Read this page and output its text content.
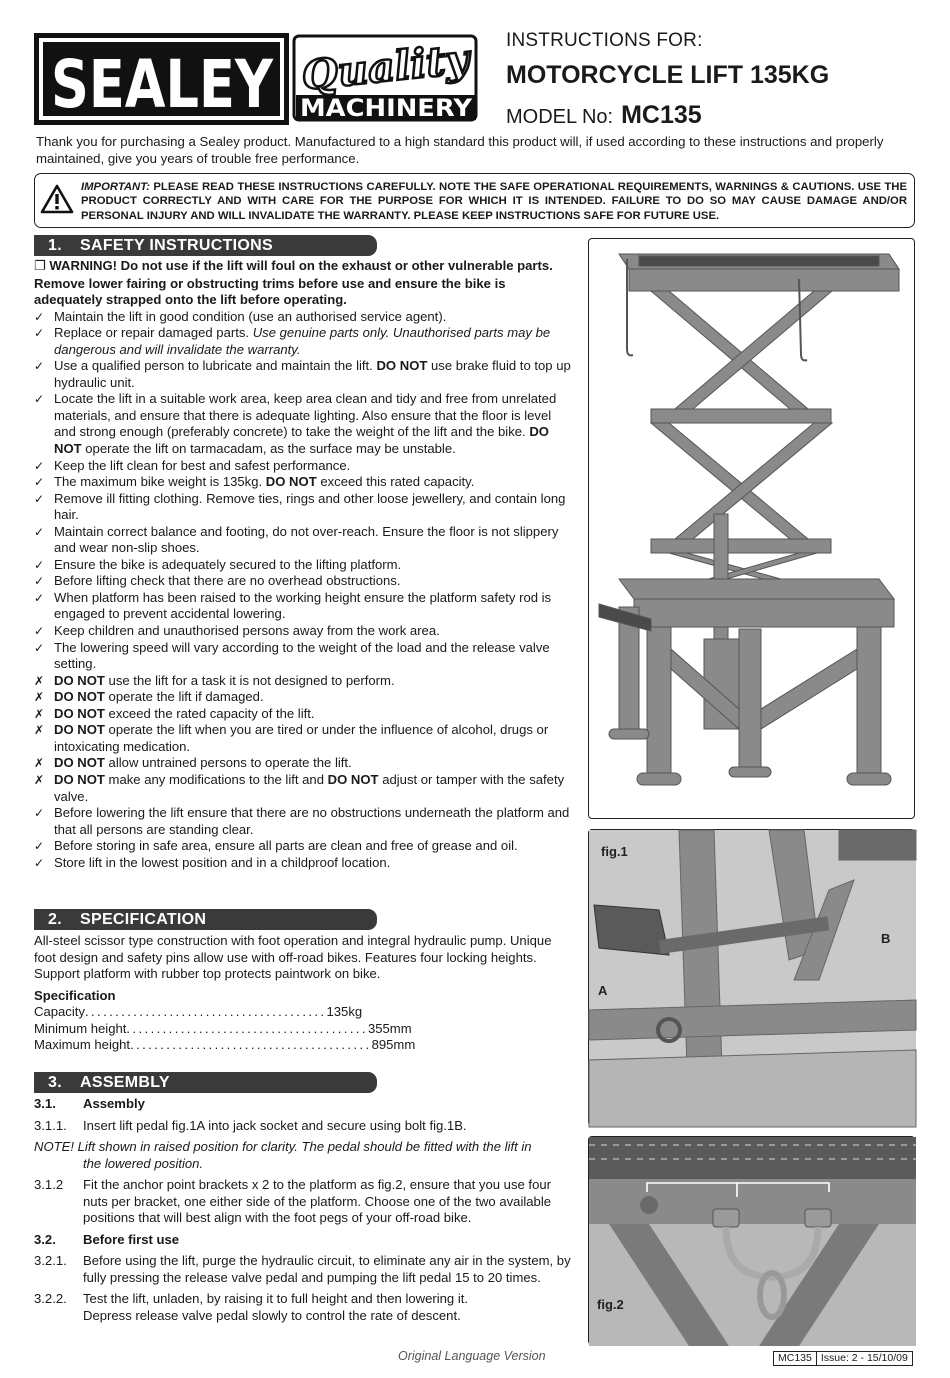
SEALEY Quality
MACHINERY
INSTRUCTIONS FOR:
MOTORCYCLE LIFT 135KG
MODEL No: MC135
Thank you for purchasing a Sealey product. Manufactured to a high standard this product will, if used according to these instructions and properly maintained, give you years of trouble free performance.
IMPORTANT: PLEASE READ THESE INSTRUCTIONS CAREFULLY. NOTE THE SAFE OPERATIONAL REQUIREMENTS, WARNINGS & CAUTIONS. USE THE PRODUCT CORRECTLY AND WITH CARE FOR THE PURPOSE FOR WHICH IT IS INTENDED. FAILURE TO DO SO MAY CAUSE DAMAGE AND/OR PERSONAL INJURY AND WILL INVALIDATE THE WARRANTY. PLEASE KEEP INSTRUCTIONS SAFE FOR FUTURE USE.
1. SAFETY INSTRUCTIONS
❐ WARNING! Do not use if the lift will foul on the exhaust or other vulnerable parts. Remove lower fairing or obstructing trims before use and ensure the bike is adequately strapped onto the lift before operating.
✓ Maintain the lift in good condition (use an authorised service agent).
✓ Replace or repair damaged parts. Use genuine parts only. Unauthorised parts may be dangerous and will invalidate the warranty.
✓ Use a qualified person to lubricate and maintain the lift. DO NOT use brake fluid to top up hydraulic unit.
✓ Locate the lift in a suitable work area, keep area clean and tidy and free from unrelated materials, and ensure that there is adequate lighting. Also ensure that the floor is level and strong enough (preferably concrete) to take the weight of the lift and the bike. DO NOT operate the lift on tarmacadam, as the surface may be unstable.
✓ Keep the lift clean for best and safest performance.
✓ The maximum bike weight is 135kg. DO NOT exceed this rated capacity.
✓ Remove ill fitting clothing. Remove ties, rings and other loose jewellery, and contain long hair.
✓ Maintain correct balance and footing, do not over-reach. Ensure the floor is not slippery and wear non-slip shoes.
✓ Ensure the bike is adequately secured to the lifting platform.
✓ Before lifting check that there are no overhead obstructions.
✓ When platform has been raised to the working height ensure the platform safety rod is engaged to prevent accidental lowering.
✓ Keep children and unauthorised persons away from the work area.
✓ The lowering speed will vary according to the weight of the load and the release valve setting.
✗ DO NOT use the lift for a task it is not designed to perform.
✗ DO NOT operate the lift if damaged.
✗ DO NOT exceed the rated capacity of the lift.
✗ DO NOT operate the lift when you are tired or under the influence of alcohol, drugs or intoxicating medication.
✗ DO NOT allow untrained persons to operate the lift.
✗ DO NOT make any modifications to the lift and DO NOT adjust or tamper with the safety valve.
✓ Before lowering the lift ensure that there are no obstructions underneath the platform and that all persons are standing clear.
✓ Before storing in safe area, ensure all parts are clean and free of grease and oil.
✓ Store lift in the lowest position and in a childproof location.
2. SPECIFICATION
All-steel scissor type construction with foot operation and integral hydraulic pump. Unique foot design and safety pins allow use with off-road bikes. Features four locking heights. Support platform with rubber top protects paintwork on bike.
Specification
Capacity ........................................ 135kg
Minimum height ........................................ 355mm
Maximum height ........................................ 895mm
3. ASSEMBLY
3.1.	Assembly
3.1.1.	Insert lift pedal fig.1A into jack socket and secure using bolt fig.1B.
NOTE! Lift shown in raised position for clarity. The pedal should be fitted with the lift in
the lowered position.
3.1.2	Fit the anchor point brackets x 2 to the platform as fig.2, ensure that you use four nuts per bracket, one either side of the platform. Choose one of the two available positions that will best align with the foot pegs of your off-road bike.
3.2.	Before first use
3.2.1.	Before using the lift, purge the hydraulic circuit, to eliminate any air in the system, by fully pressing the release valve pedal and pumping the lift pedal 15 to 20 times.
3.2.2.	Test the lift, unladen, by raising it to full height and then lowering it.
Depress release valve pedal slowly to control the rate of descent.
fig.1
A
B
fig.2
Original Language Version	MC135 Issue: 2 - 15/10/09
